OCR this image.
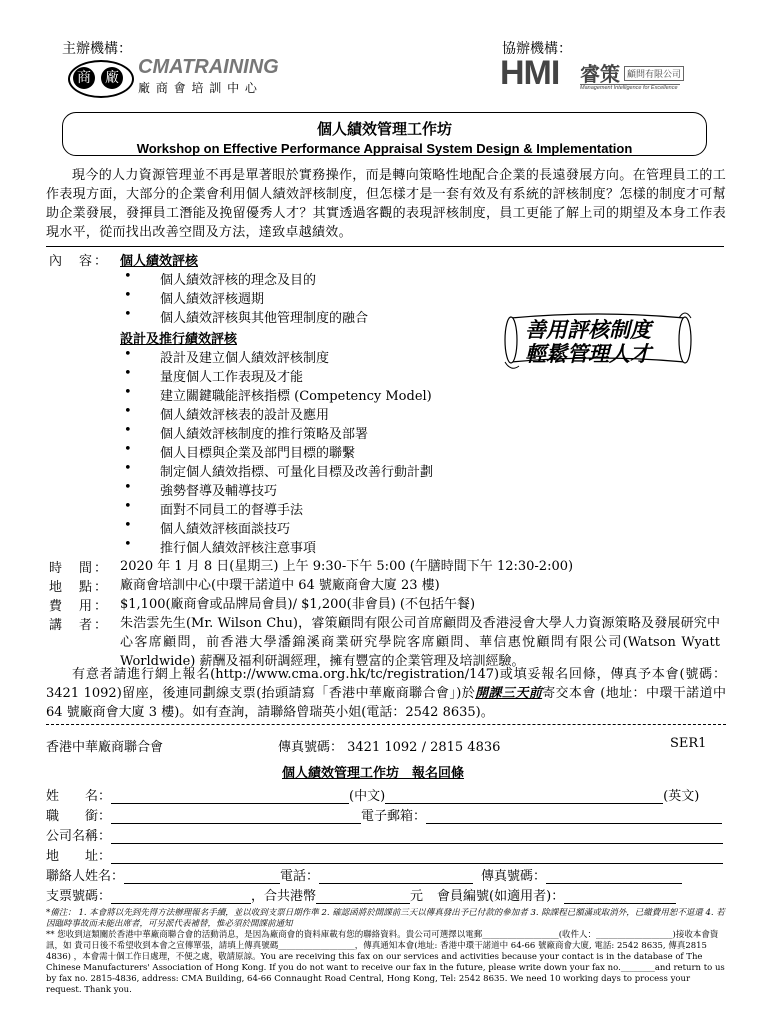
主辦機構：	協辦機構：
商 廠 CMATRAINING
廠 商 會 培 訓 中 心	HMI 睿策 顧問有限公司
Management Intelligence for Excellence
個人績效管理工作坊
Workshop on Effective Performance Appraisal System Design & Implementation
現今的人力資源管理並不再是單著眼於實務操作，而是轉向策略性地配合企業的長遠發展方向。在管理員工的工作表現方面，大部分的企業會利用個人績效評核制度，但怎樣才是一套有效及有系統的評核制度？怎樣的制度才可幫助企業發展，發揮員工潛能及挽留優秀人才？其實透過客觀的表現評核制度，員工更能了解上司的期望及本身工作表現水平，從而找出改善空間及方法，達致卓越績效。
內　容： 個人績效評核
• 個人績效評核的理念及目的
• 個人績效評核週期
• 個人績效評核與其他管理制度的融合
設計及推行績效評核
• 設計及建立個人績效評核制度
• 量度個人工作表現及才能
• 建立關鍵職能評核指標 (Competency Model)
• 個人績效評核表的設計及應用
• 個人績效評核制度的推行策略及部署
• 個人目標與企業及部門目標的聯繫
• 制定個人績效指標、可量化目標及改善行動計劃
• 強勢督導及輔導技巧
• 面對不同員工的督導手法
• 個人績效評核面談技巧
• 推行個人績效評核注意事項
時　間： 2020 年 1 月 8 日(星期三) 上午 9:30-下午 5:00 (午膳時間下午 12:30-2:00)
地　點： 廠商會培訓中心(中環干諾道中 64 號廠商會大廈 23 樓)
費　用： $1,100(廠商會或品牌局會員)/ $1,200(非會員) (不包括午餐)
講　者： 朱浩雲先生(Mr. Wilson Chu)，睿策顧問有限公司首席顧問及香港浸會大學人力資源策略及發展研究中心客席顧問，前香港大學潘錦溪商業研究學院客席顧問、華信惠悅顧問有限公司(Watson Wyatt Worldwide) 薪酬及福利研調經理，擁有豐富的企業管理及培訓經驗。
善用評核制度
輕鬆管理人才
有意者請進行網上報名(http://www.cma.org.hk/tc/registration/147)或填妥報名回條，傳真予本會(號碼：3421 1092)留座，後連同劃線支票(抬頭請寫「香港中華廠商聯合會」)於開課三天前寄交本會 (地址：中環干諾道中 64 號廠商會大廈 3 樓)。如有查詢，請聯絡曾瑞英小姐(電話：2542 8635)。
香港中華廠商聯合會	傳真號碼： 3421 1092 / 2815 4836	SER1
個人績效管理工作坊　報名回條
姓　　名：	(中文)	(英文)
職　　銜：	電子郵箱：
公司名稱：
地　　址：
聯絡人姓名：	電話：	傳真號碼：
支票號碼：	，合共港幣	元 會員編號(如適用者)：
*備注： 1. 本會將以先到先得方法辦理報名手續，並以收到支票日期作準 2. 確認函將於開課前三天以傳真發出予已付款的參加者 3. 除課程已額滿或取消外，已繳費用恕不退還 4. 若因臨時事故而未能出席者，可另派代表補替，惟必須於開課前通知
** 您收到這類關於香港中華廠商聯合會的活動消息，是因為廠商會的資料庫載有您的聯絡資料。貴公司可選擇以電郵__________________(收件人：__________________)接收本會資訊，如 貴司日後不希望收到本會之宣傳單張，請填上傳真號碼__________________，傳真通知本會(地址: 香港中環干諾道中 64-66 號廠商會大廈, 電話: 2542 8635, 傳真2815 4836) ，本會需十個工作日處理，不便之處，敬請原諒。You are receiving this fax on our services and activities because your contact is in the database of The Chinese Manufacturers' Association of Hong Kong. If you do not want to receive our fax in the future, please write down your fax no.________and return to us by fax no. 2815-4836, address: CMA Building, 64-66 Connaught Road Central, Hong Kong, Tel: 2542 8635. We need 10 working days to process your request. Thank you.
